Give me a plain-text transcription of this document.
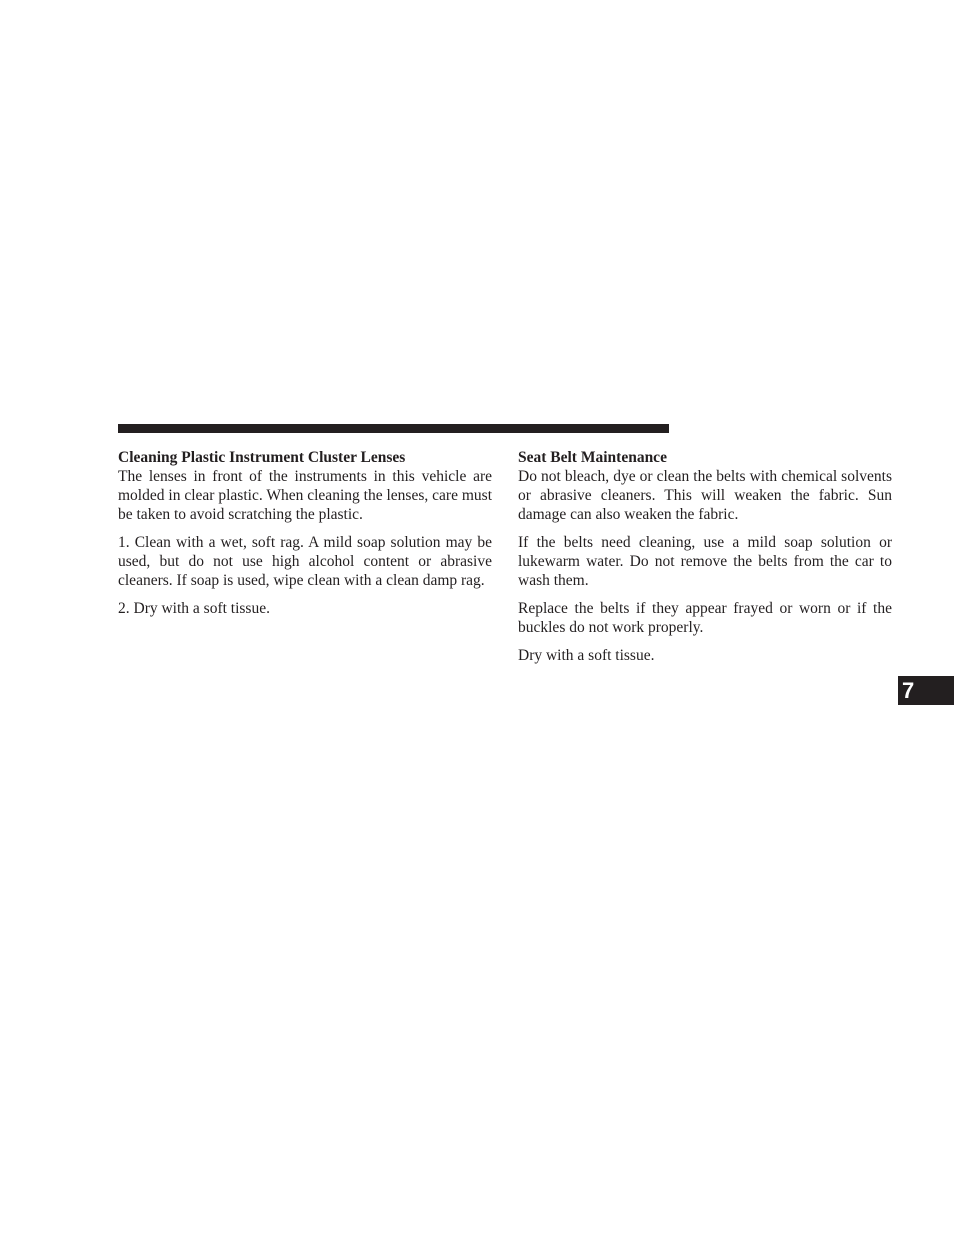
Cleaning Plastic Instrument Cluster Lenses

The lenses in front of the instruments in this vehicle are molded in clear plastic. When cleaning the lenses, care must be taken to avoid scratching the plastic.

1. Clean with a wet, soft rag. A mild soap solution may be used, but do not use high alcohol content or abrasive cleaners. If soap is used, wipe clean with a clean damp rag.

2. Dry with a soft tissue.

Seat Belt Maintenance

Do not bleach, dye or clean the belts with chemical solvents or abrasive cleaners. This will weaken the fabric. Sun damage can also weaken the fabric.

If the belts need cleaning, use a mild soap solution or lukewarm water. Do not remove the belts from the car to wash them.

Replace the belts if they appear frayed or worn or if the buckles do not work properly.

Dry with a soft tissue.

7
